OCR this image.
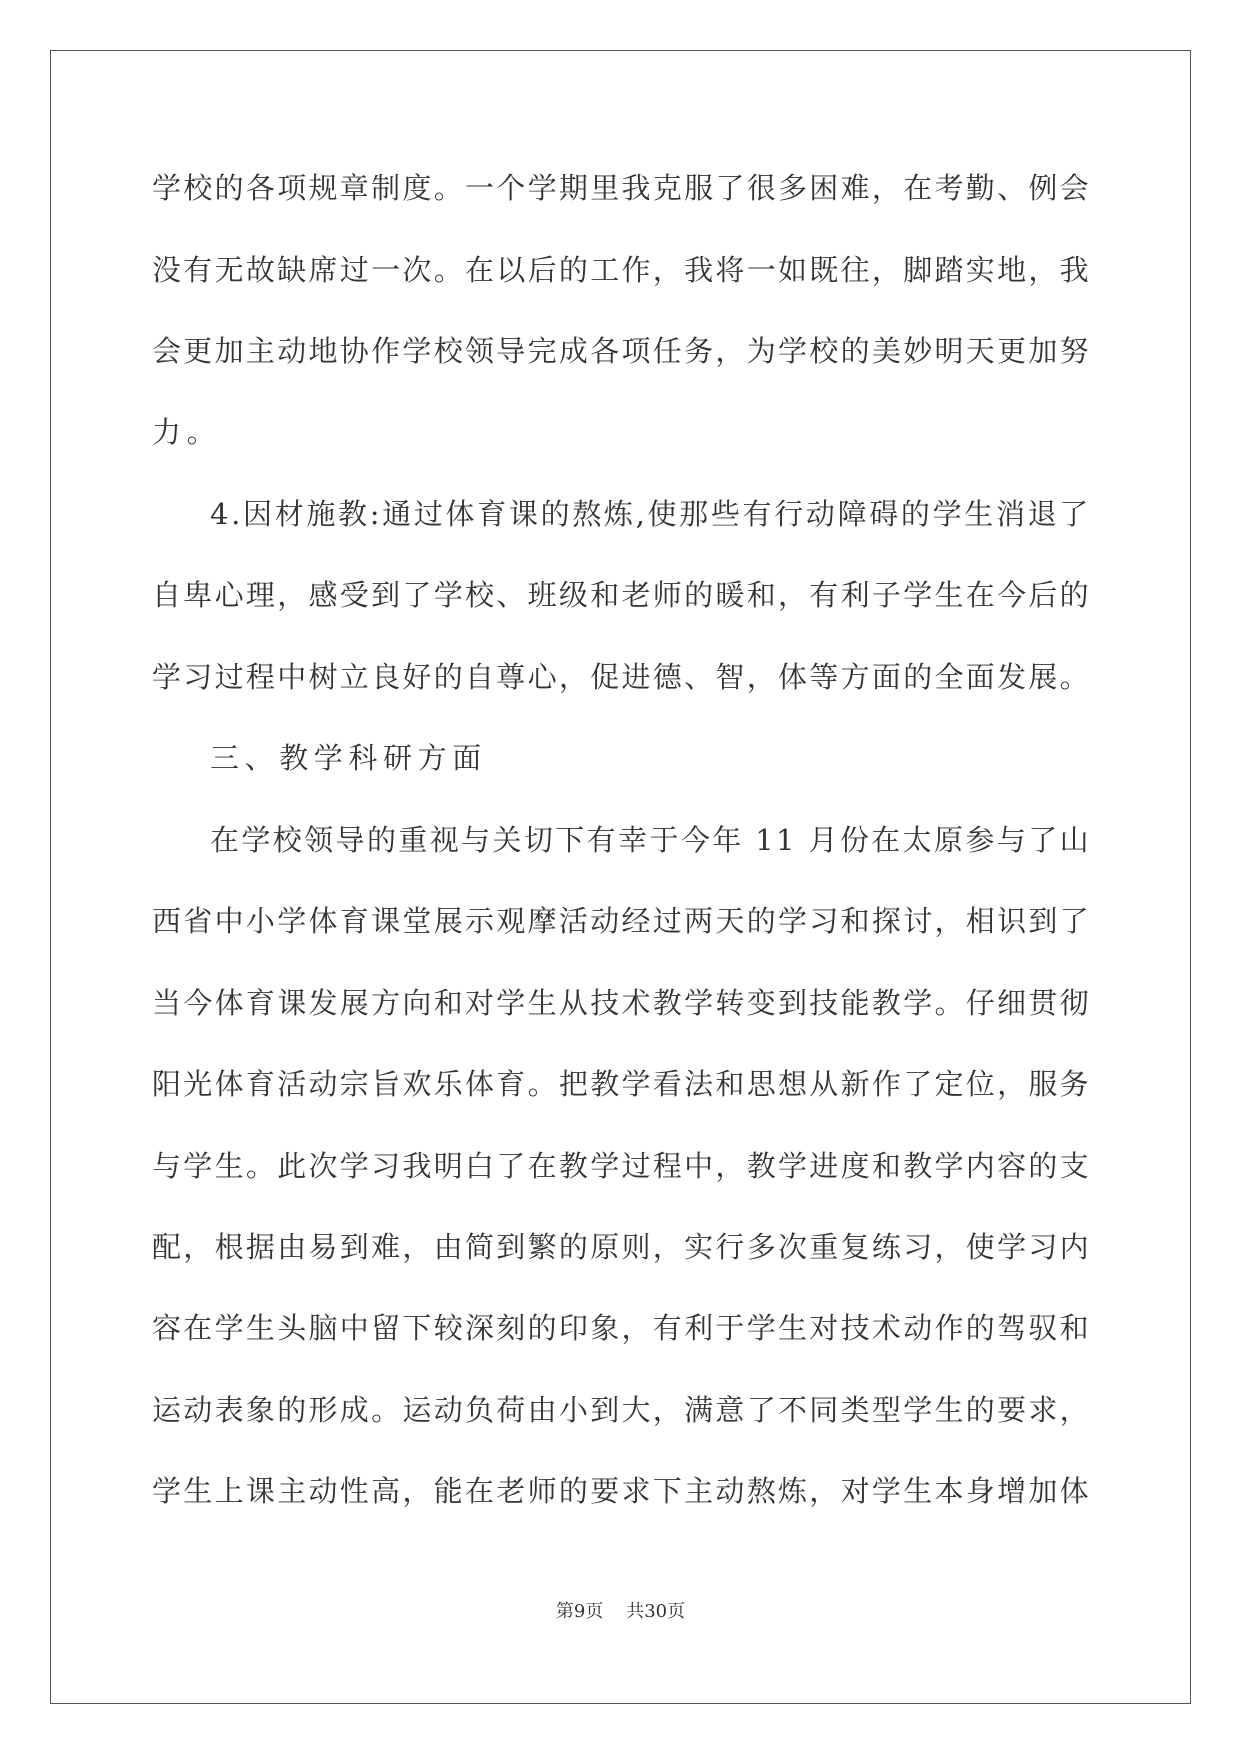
学校的各项规章制度。一个学期里我克服了很多困难，在考勤、例会
没有无故缺席过一次。在以后的工作，我将一如既往，脚踏实地，我
会更加主动地协作学校领导完成各项任务，为学校的美妙明天更加努
力。
4.因材施教:通过体育课的熬炼,使那些有行动障碍的学生消退了
自卑心理，感受到了学校、班级和老师的暖和，有利子学生在今后的
学习过程中树立良好的自尊心，促进德、智，体等方面的全面发展。
三、教学科研方面
在学校领导的重视与关切下有幸于今年 11 月份在太原参与了山
西省中小学体育课堂展示观摩活动经过两天的学习和探讨，相识到了
当今体育课发展方向和对学生从技术教学转变到技能教学。仔细贯彻
阳光体育活动宗旨欢乐体育。把教学看法和思想从新作了定位，服务
与学生。此次学习我明白了在教学过程中，教学进度和教学内容的支
配，根据由易到难，由简到繁的原则，实行多次重复练习，使学习内
容在学生头脑中留下较深刻的印象，有利于学生对技术动作的驾驭和
运动表象的形成。运动负荷由小到大，满意了不同类型学生的要求，
学生上课主动性高，能在老师的要求下主动熬炼，对学生本身增加体
第9页 共30页
